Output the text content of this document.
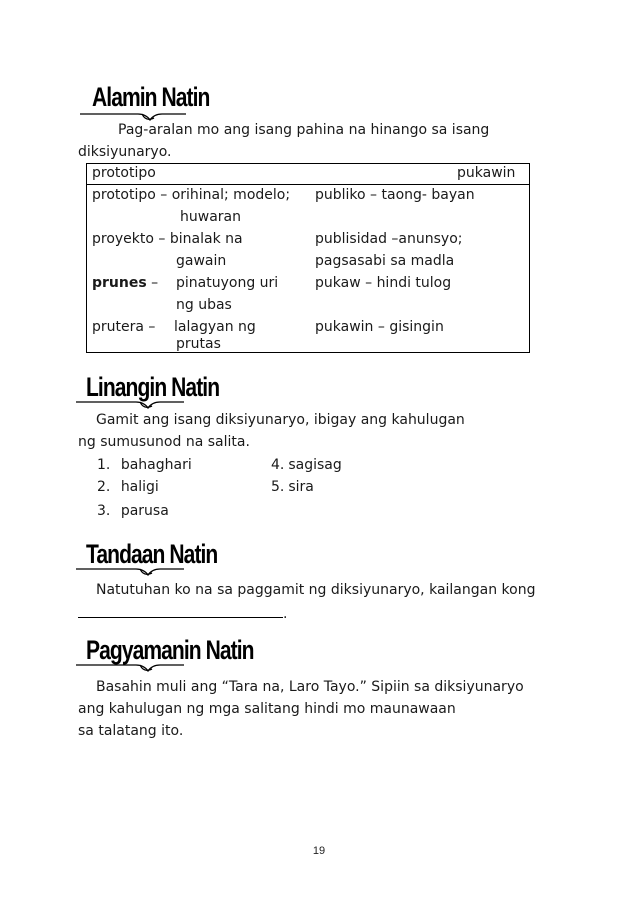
Alamin Natin
Pag-aralan mo ang isang pahina na hinango sa isang
diksiyunaryo.
prototipo	pukawin
prototipo – orihinal; modelo;
huwaran
proyekto – binalak na
gawain
prunes – pinatuyong uri
ng ubas
prutera – lalagyan ng
prutas
publiko – taong- bayan
publisidad –anunsyo;
pagsasabi sa madla
pukaw – hindi tulog
pukawin – gisingin
Linangin Natin
Gamit ang isang diksiyunaryo, ibigay ang kahulugan
ng sumusunod na salita.
1. bahaghari
2. haligi
3. parusa
4. sagisag
5. sira
Tandaan Natin
Natutuhan ko na sa paggamit ng diksiyunaryo, kailangan kong
.
Pagyamanin Natin
Basahin muli ang “Tara na, Laro Tayo.” Sipiin sa diksiyunaryo
ang kahulugan ng mga salitang hindi mo maunawaan
sa talatang ito.
19
